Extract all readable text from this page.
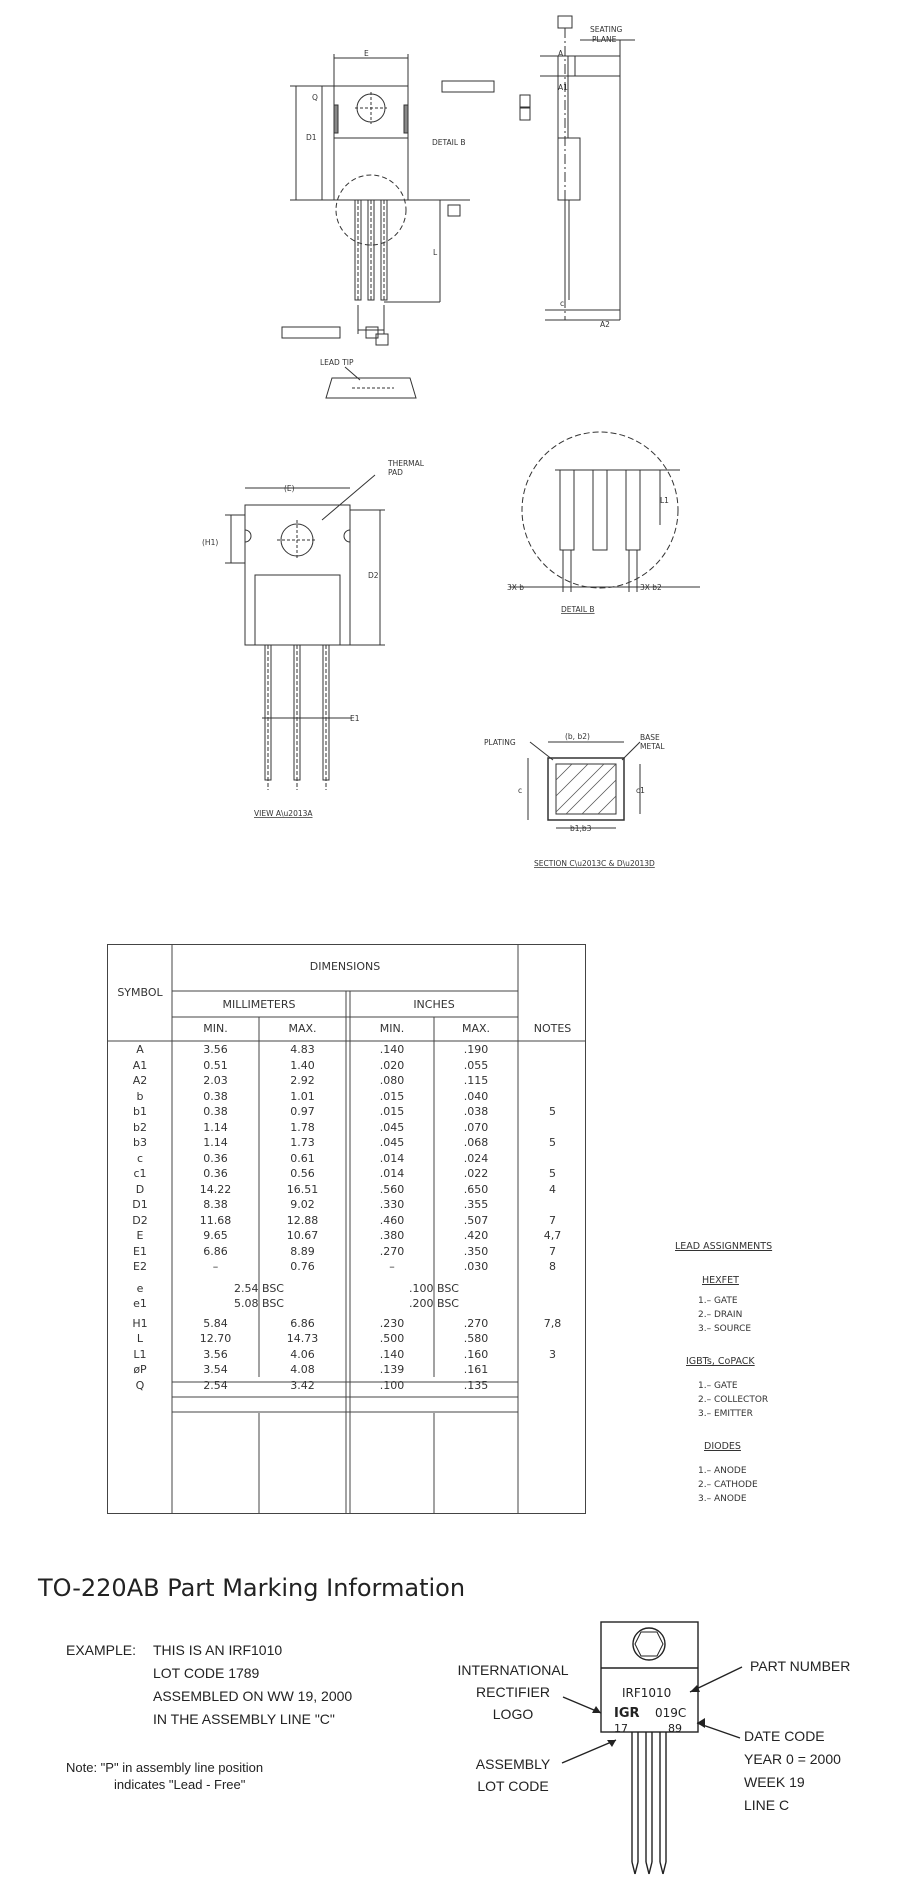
SEATING
PLANE
DETAIL B
LEAD TIP
THERMAL
PAD
(E)
(H1)
D2
E1
L1
3X b	3X b2
DETAIL B
PLATING
(b, b2)	BASE
METAL
c1
c
b1,b3
VIEW A\u2013A
SECTION C\u2013C & D\u2013D
E
D1
Q
L
A1
A
A2
c
DIMENSIONS
SYMBOL
MILLIMETERS	INCHES
NOTES
MIN.	MAX.	MIN.	MAX.
A	3.56	4.83	.140	.190
A1	0.51	1.40	.020	.055
A2	2.03	2.92	.080	.115
b	0.38	1.01	.015	.040
b1	0.38	0.97	.015	.038	5
b2	1.14	1.78	.045	.070
b3	1.14	1.73	.045	.068	5
c	0.36	0.61	.014	.024
c1	0.36	0.56	.014	.022	5
D	14.22	16.51	.560	.650	4
D1	8.38	9.02	.330	.355
D2	11.68	12.88	.460	.507	7
E	9.65	10.67	.380	.420	4,7
E1	6.86	8.89	.270	.350	7
E2	–	0.76	–	.030	8
e	2.54 BSC	.100 BSC
e1	5.08 BSC	.200 BSC
H1	5.84	6.86	.230	.270	7,8
L	12.70	14.73	.500	.580
L1	3.56	4.06	.140	.160	3
øP	3.54	4.08	.139	.161
Q	2.54	3.42	.100	.135
LEAD ASSIGNMENTS
HEXFET
1.– GATE
2.– DRAIN
3.– SOURCE
IGBTs, CoPACK
1.– GATE
2.– COLLECTOR
3.– EMITTER
DIODES
1.– ANODE
2.– CATHODE
3.– ANODE
TO-220AB Part Marking Information
EXAMPLE: THIS IS AN IRF1010
LOT CODE 1789
ASSEMBLED ON WW 19, 2000
IN THE ASSEMBLY LINE "C"
Note: "P" in assembly line position
indicates "Lead - Free"
INTERNATIONAL
RECTIFIER
LOGO
ASSEMBLY
LOT CODE
PART NUMBER
DATE CODE
YEAR 0 = 2000
WEEK 19
LINE C
IRF1010
IGR 019C
17	89
